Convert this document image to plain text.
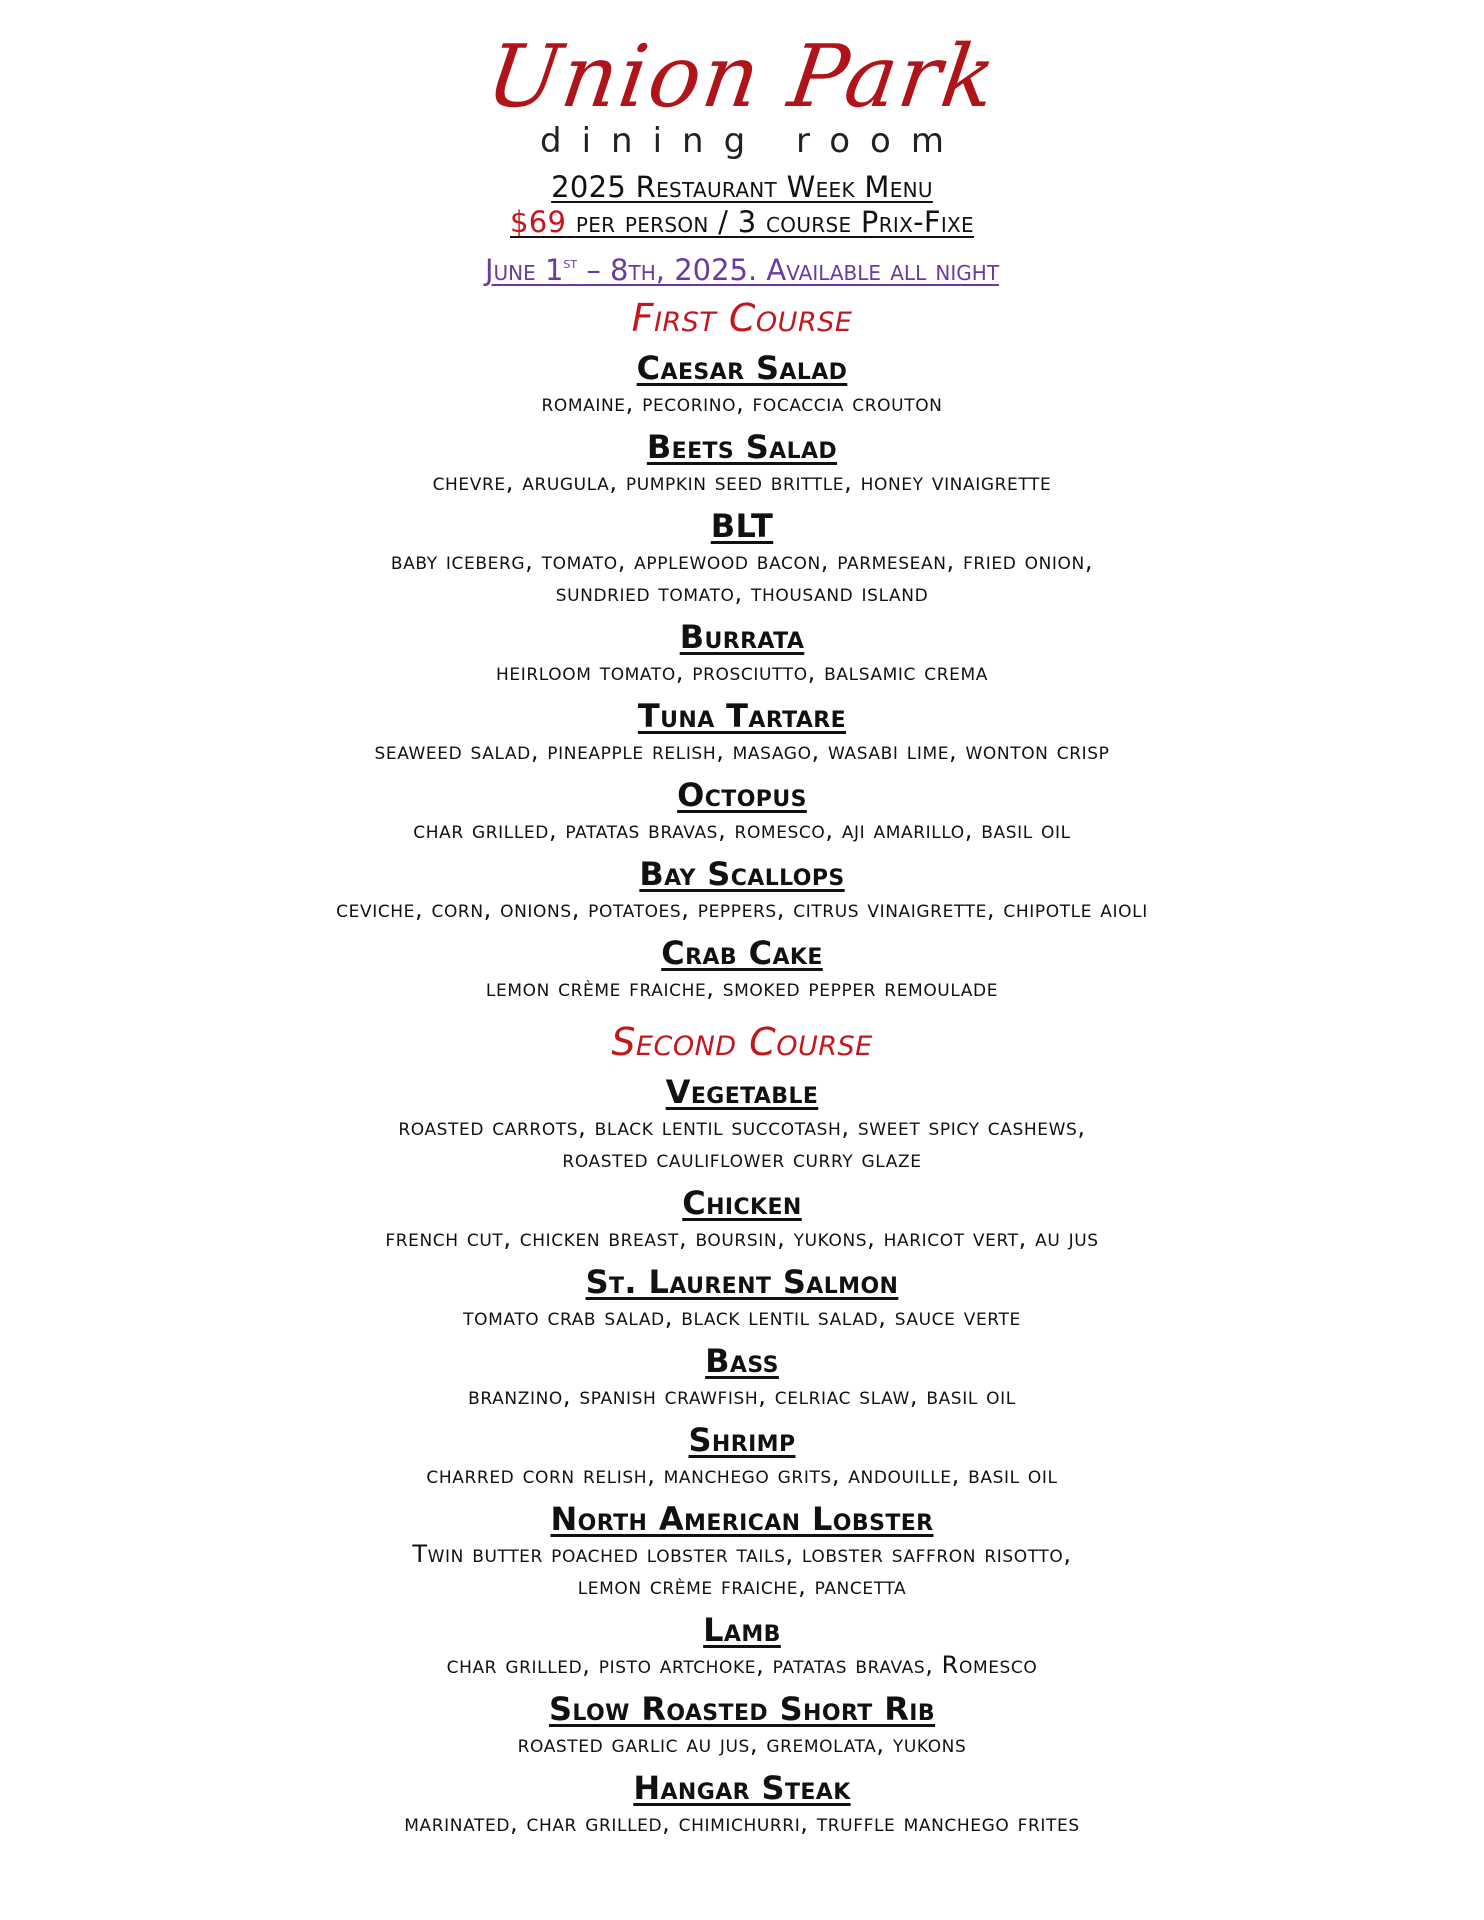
Union Park
dining room
2025 Restaurant Week Menu
$69 per person / 3 course Prix-Fixe
June 1st – 8th, 2025. Available all night
First Course
Caesar Salad
romaine, pecorino, focaccia crouton
Beets Salad
chevre, arugula, pumpkin seed brittle, honey vinaigrette
BLT
baby iceberg, tomato, applewood bacon, parmesean, fried onion,
sundried tomato, thousand island
Burrata
heirloom tomato, prosciutto, balsamic crema
Tuna Tartare
seaweed salad, pineapple relish, masago, wasabi lime, wonton crisp
Octopus
char grilled, patatas bravas, romesco, aji amarillo, basil oil
Bay Scallops
ceviche, corn, onions, potatoes, peppers, citrus vinaigrette, chipotle aioli
Crab Cake
lemon crème fraiche, smoked pepper remoulade
Second Course
Vegetable
roasted carrots, black lentil succotash, sweet spicy cashews,
roasted cauliflower curry glaze
Chicken
french cut, chicken breast, boursin, yukons, haricot vert, au jus
St. Laurent Salmon
tomato crab salad, black lentil salad, sauce verte
Bass
branzino, spanish crawfish, celriac slaw, basil oil
Shrimp
charred corn relish, manchego grits, andouille, basil oil
North American Lobster
Twin butter poached lobster tails, lobster saffron risotto,
lemon crème fraiche, pancetta
Lamb
char grilled, pisto artchoke, patatas bravas, Romesco
Slow Roasted Short Rib
roasted garlic au jus, gremolata, yukons
Hangar Steak
marinated, char grilled, chimichurri, truffle manchego frites
